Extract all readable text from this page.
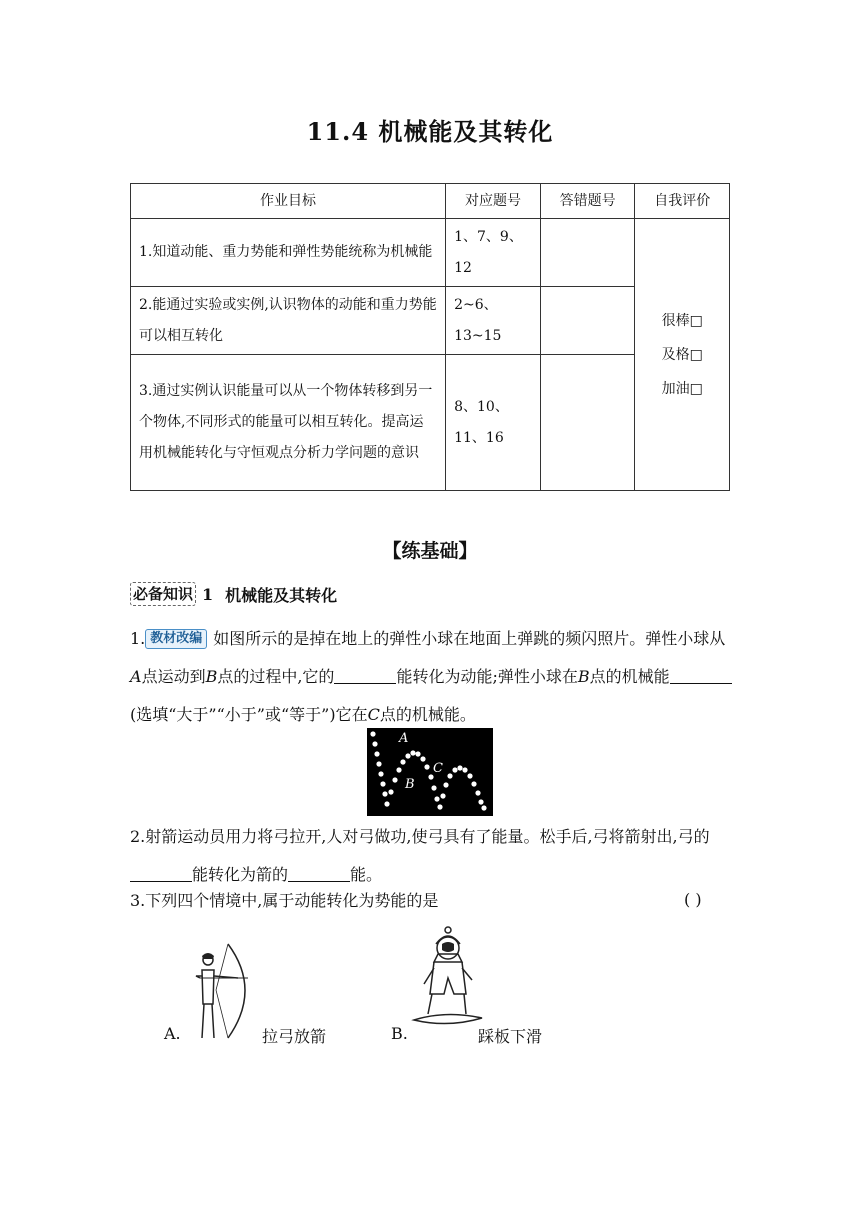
11.4 机械能及其转化
作业目标	对应题号	答错题号	自我评价
1.知道动能、重力势能和弹性势能统称为机械能	1、7、9、12		很棒□
及格□
加油□

2.能通过实验或实例,认识物体的动能和重力势能可以相互转化	2~6、13~15		
3.通过实例认识能量可以从一个物体转移到另一个物体,不同形式的能量可以相互转化。提高运用机械能转化与守恒观点分析力学问题的意识	8、10、11、16		
【练基础】
必备知识 1 机械能及其转化
1. 教材改编 如图所示的是掉在地上的弹性小球在地面上弹跳的频闪照片。弹性小球从A点运动到B点的过程中,它的	能转化为动能;弹性小球在B点的机械能 (选填“大于”“小于”或“等于”)它在C点的机械能。
A
B
C
2.射箭运动员用力将弓拉开,人对弓做功,使弓具有了能量。松手后,弓将箭射出,弓的能转化为箭的	能。
3.下列四个情境中,属于动能转化为势能的是	( )
A.	拉弓放箭	B.	踩板下滑
